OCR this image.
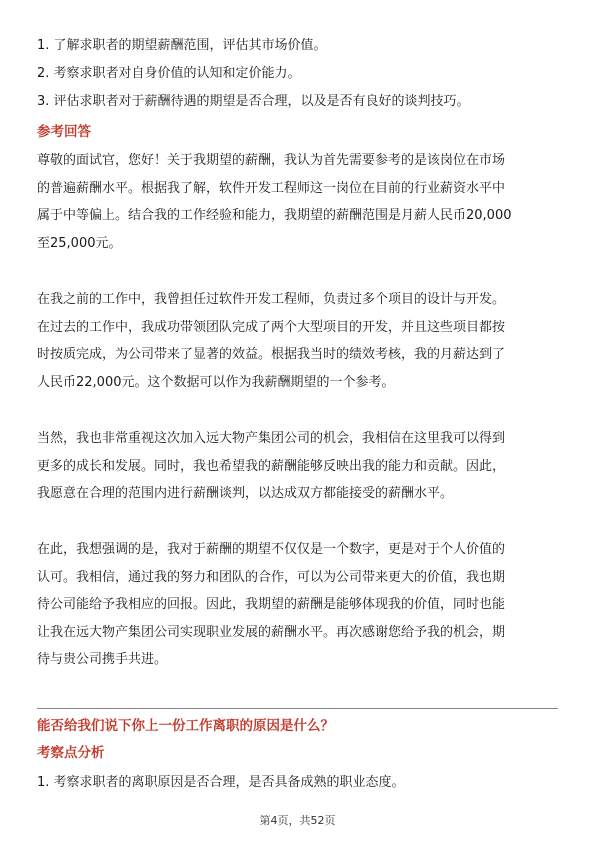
1. 了解求职者的期望薪酬范围，评估其市场价值。
2. 考察求职者对自身价值的认知和定价能力。
3. 评估求职者对于薪酬待遇的期望是否合理，以及是否有良好的谈判技巧。
参考回答
尊敬的面试官，您好！关于我期望的薪酬，我认为首先需要参考的是该岗位在市场
的普遍薪酬水平。根据我了解，软件开发工程师这一岗位在目前的行业薪资水平中
属于中等偏上。结合我的工作经验和能力，我期望的薪酬范围是月薪人民币20,000
至25,000元。
在我之前的工作中，我曾担任过软件开发工程师，负责过多个项目的设计与开发。
在过去的工作中，我成功带领团队完成了两个大型项目的开发，并且这些项目都按
时按质完成，为公司带来了显著的效益。根据我当时的绩效考核，我的月薪达到了
人民币22,000元。这个数据可以作为我薪酬期望的一个参考。
当然，我也非常重视这次加入远大物产集团公司的机会，我相信在这里我可以得到
更多的成长和发展。同时，我也希望我的薪酬能够反映出我的能力和贡献。因此，
我愿意在合理的范围内进行薪酬谈判，以达成双方都能接受的薪酬水平。
在此，我想强调的是，我对于薪酬的期望不仅仅是一个数字，更是对于个人价值的
认可。我相信，通过我的努力和团队的合作，可以为公司带来更大的价值，我也期
待公司能给予我相应的回报。因此，我期望的薪酬是能够体现我的价值，同时也能
让我在远大物产集团公司实现职业发展的薪酬水平。再次感谢您给予我的机会，期
待与贵公司携手共进。
能否给我们说下你上一份工作离职的原因是什么？
考察点分析
1. 考察求职者的离职原因是否合理，是否具备成熟的职业态度。
第4页，共52页
